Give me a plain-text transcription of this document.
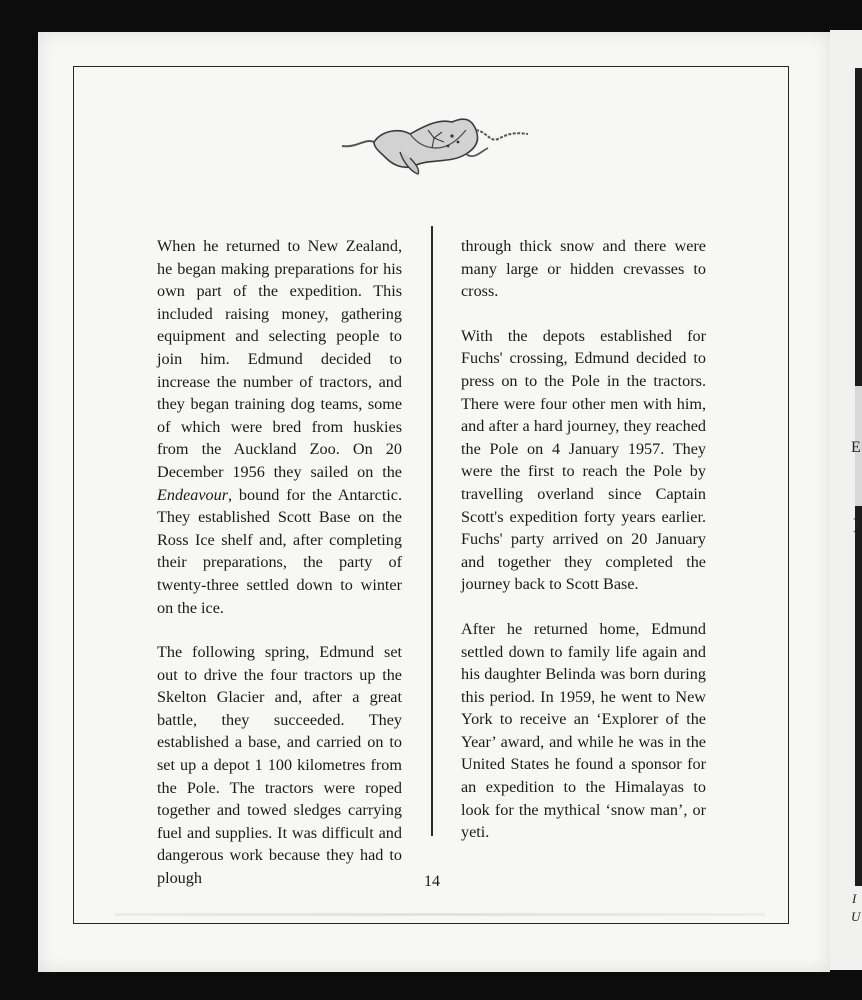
E
)
I
U

When he returned to New Zealand, he began making preparations for his own part of the expedition. This included raising money, gathering equipment and selecting people to join him. Edmund decided to increase the number of tractors, and they began training dog teams, some of which were bred from huskies from the Auckland Zoo. On 20 December 1956 they sailed on the Endeavour, bound for the Antarctic. They established Scott Base on the Ross Ice shelf and, after completing their preparations, the party of twenty-three settled down to winter on the ice.

The following spring, Edmund set out to drive the four tractors up the Skelton Glacier and, after a great battle, they succeeded. They established a base, and carried on to set up a depot 1 100 kilometres from the Pole. The tractors were roped together and towed sledges carrying fuel and supplies. It was difficult and dangerous work because they had to plough

through thick snow and there were many large or hidden crevasses to cross.

With the depots established for Fuchs' crossing, Edmund decided to press on to the Pole in the tractors. There were four other men with him, and after a hard journey, they reached the Pole on 4 January 1957. They were the first to reach the Pole by travelling overland since Captain Scott's expedition forty years earlier. Fuchs' party arrived on 20 January and together they completed the journey back to Scott Base.

After he returned home, Edmund settled down to family life again and his daughter Belinda was born during this period. In 1959, he went to New York to receive an ‘Explorer of the Year’ award, and while he was in the United States he found a sponsor for an expedition to the Himalayas to look for the mythical ‘snow man’, or yeti.

14
